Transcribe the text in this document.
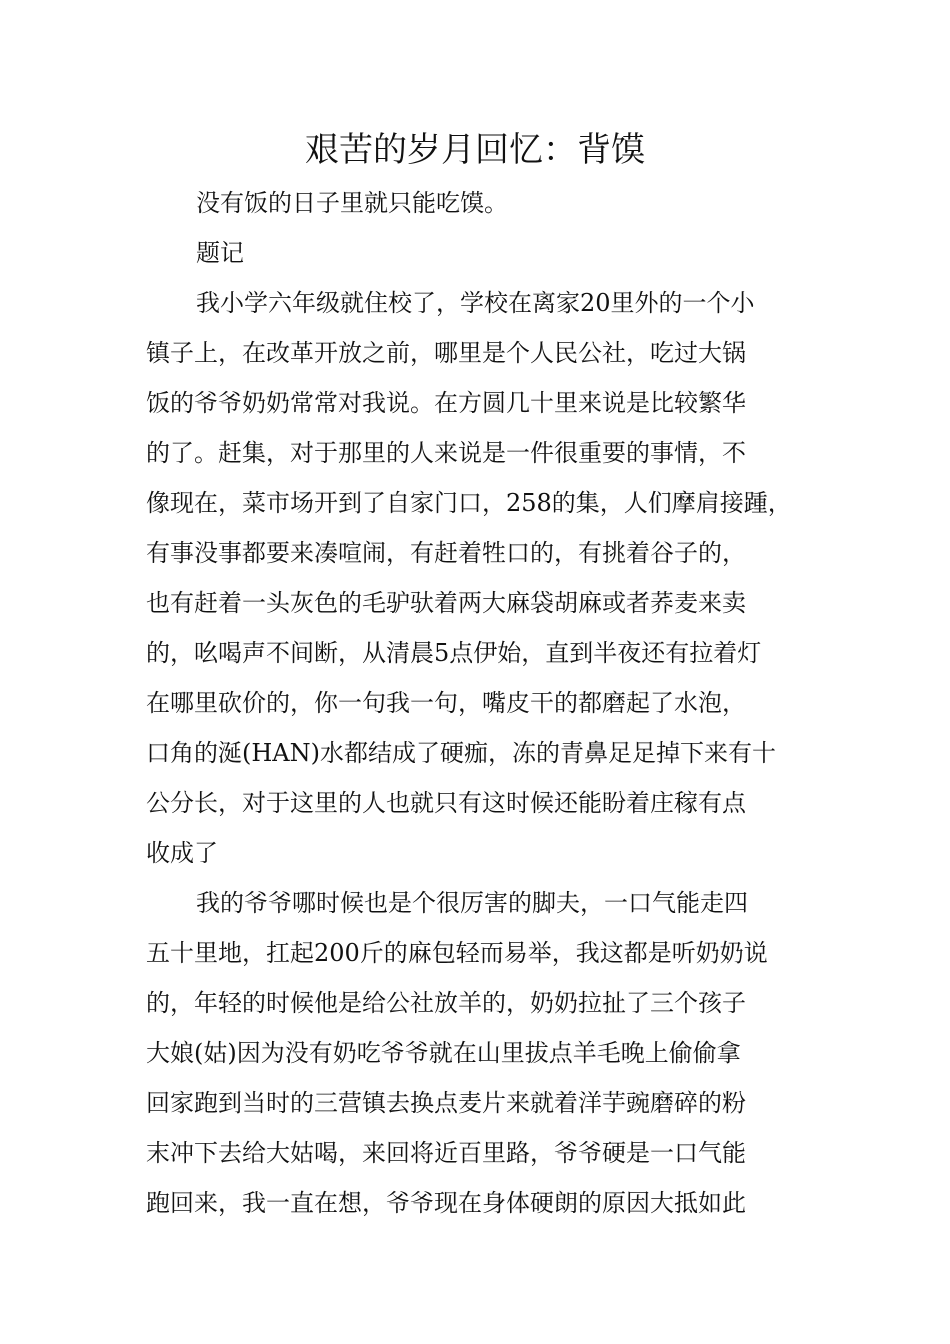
艰苦的岁月回忆：背馍
没有饭的日子里就只能吃馍。
题记
我小学六年级就住校了，学校在离家20里外的一个小
镇子上，在改革开放之前，哪里是个人民公社，吃过大锅
饭的爷爷奶奶常常对我说。在方圆几十里来说是比较繁华
的了。赶集，对于那里的人来说是一件很重要的事情，不
像现在，菜市场开到了自家门口，258的集，人们摩肩接踵，
有事没事都要来凑喧闹，有赶着牲口的，有挑着谷子的，
也有赶着一头灰色的毛驴驮着两大麻袋胡麻或者荞麦来卖
的，吆喝声不间断，从清晨5点伊始，直到半夜还有拉着灯
在哪里砍价的，你一句我一句，嘴皮干的都磨起了水泡，
口角的涎(HAN)水都结成了硬痂，冻的青鼻足足掉下来有十
公分长，对于这里的人也就只有这时候还能盼着庄稼有点
收成了
我的爷爷哪时候也是个很厉害的脚夫，一口气能走四
五十里地，扛起200斤的麻包轻而易举，我这都是听奶奶说
的，年轻的时候他是给公社放羊的，奶奶拉扯了三个孩子
大娘(姑)因为没有奶吃爷爷就在山里拔点羊毛晚上偷偷拿
回家跑到当时的三营镇去换点麦片来就着洋芋豌磨碎的粉
末冲下去给大姑喝，来回将近百里路，爷爷硬是一口气能
跑回来，我一直在想，爷爷现在身体硬朗的原因大抵如此
